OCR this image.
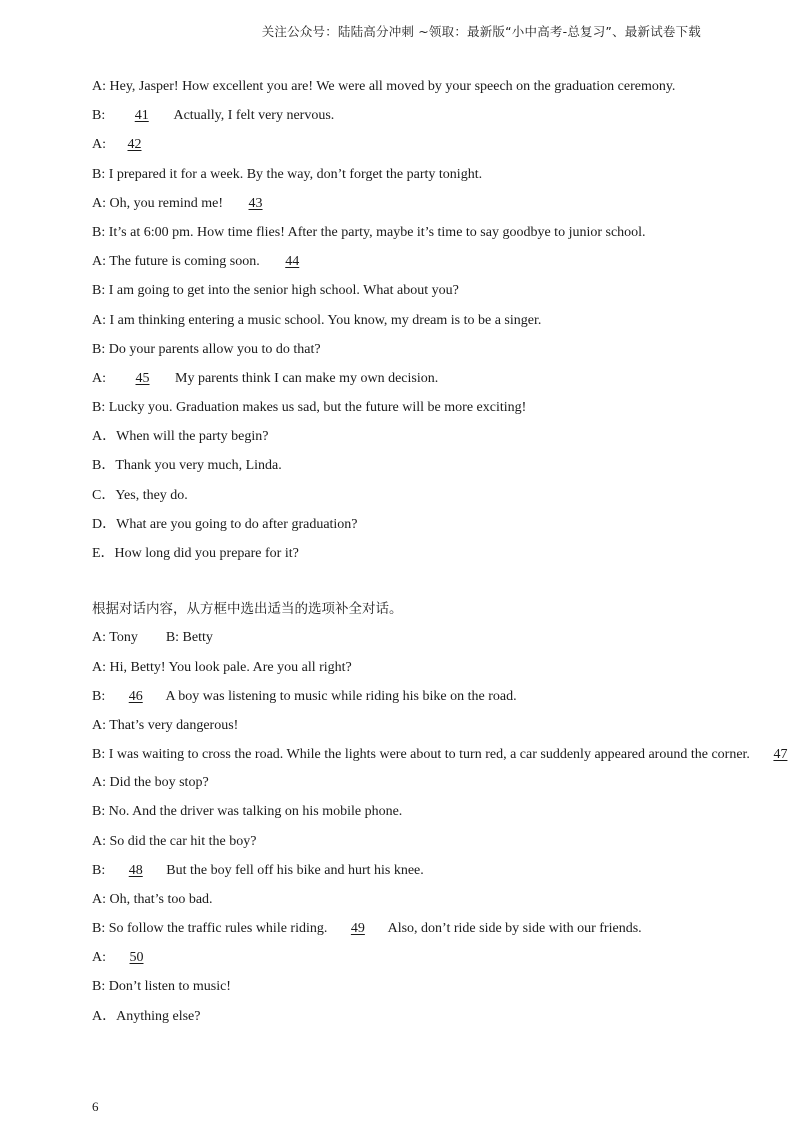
关注公众号：陆陆高分冲刺 ~领取：最新版“小中高考-总复习”、最新试卷下载
A: Hey, Jasper! How excellent you are! We were all moved by your speech on the graduation ceremony.
B:  41  Actually, I felt very nervous.
A:  42
B: I prepared it for a week. By the way, don’t forget the party tonight.
A: Oh, you remind me!  43
B: It’s at 6:00 pm. How time flies! After the party, maybe it’s time to say goodbye to junior school.
A: The future is coming soon.  44
B: I am going to get into the senior high school. What about you?
A: I am thinking entering a music school. You know, my dream is to be a singer.
B: Do your parents allow you to do that?
A:  45  My parents think I can make my own decision.
B: Lucky you. Graduation makes us sad, but the future will be more exciting!
A．When will the party begin?
B．Thank you very much, Linda.
C．Yes, they do.
D．What are you going to do after graduation?
E．How long did you prepare for it?
根据对话内容，从方框中选出适当的选项补全对话。
A: Tony        B: Betty
A: Hi, Betty! You look pale. Are you all right?
B:  46  A boy was listening to music while riding his bike on the road.
A: That’s very dangerous!
B: I was waiting to cross the road. While the lights were about to turn red, a car suddenly appeared around the corner.  47
A: Did the boy stop?
B: No. And the driver was talking on his mobile phone.
A: So did the car hit the boy?
B:  48  But the boy fell off his bike and hurt his knee.
A: Oh, that’s too bad.
B: So follow the traffic rules while riding.  49  Also, don’t ride side by side with our friends.
A:  50
B: Don’t listen to music!
A．Anything else?
6
